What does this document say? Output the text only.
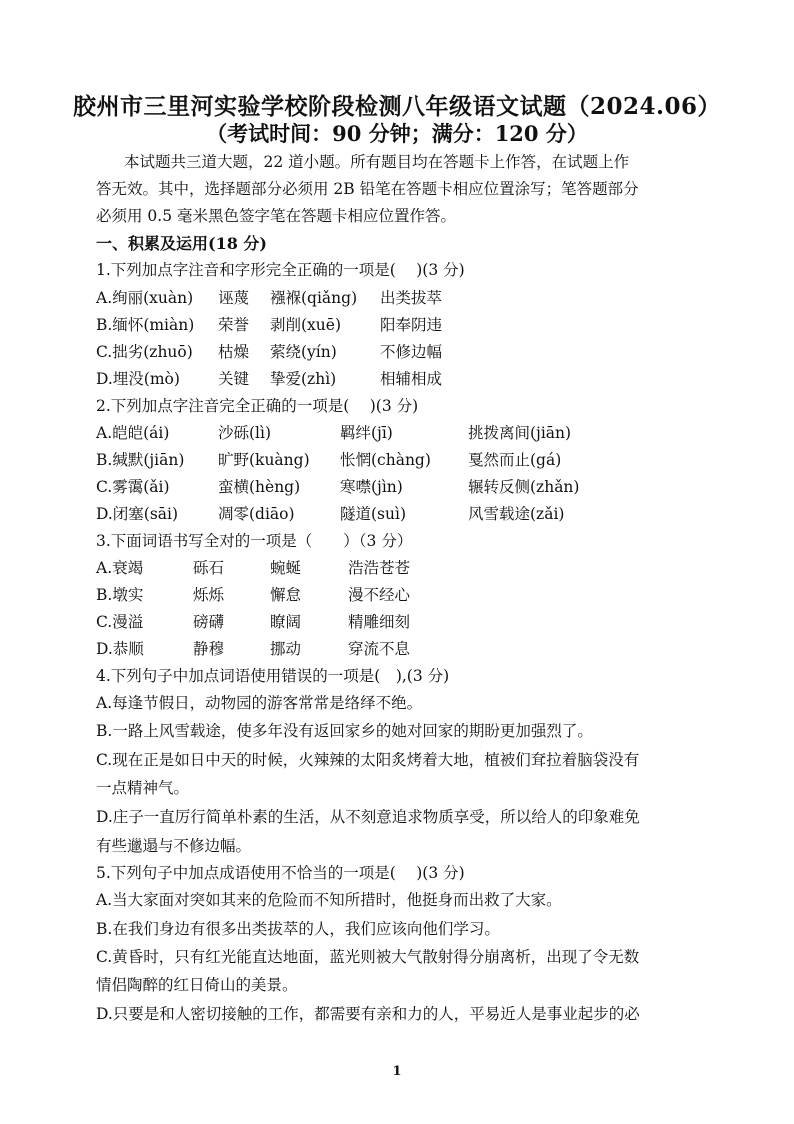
胶州市三里河实验学校阶段检测八年级语文试题（2024.06）
（考试时间：90 分钟；满分：120 分）
本试题共三道大题，22 道小题。所有题目均在答题卡上作答，在试题上作
答无效。其中，选择题部分必须用 2B 铅笔在答题卡相应位置涂写；笔答题部分
必须用 0.5 毫米黑色签字笔在答题卡相应位置作答。
一、积累及运用(18 分)
1.下列加点字注音和字形完全正确的一项是(　 )(3 分)
A.绚丽(xuàn) 诬蔑 襁褓(qiǎng) 出类拔萃
B.缅怀(miàn) 荣誉 剥削(xuē)	阳奉阴违
C.拙劣(zhuō) 枯燥 萦绕(yín)	不修边幅
D.埋没(mò) 关键 挚爱(zhì)	相辅相成
2.下列加点字注音完全正确的一项是(　 )(3 分)
A.皑皑(ái)	沙砾(lì)	羁绊(jī)	挑拨离间(jiān)
B.缄默(jiān) 旷野(kuàng) 怅惘(chàng) 戛然而止(gá)
C.雾霭(ǎi)	蛮横(hèng)	寒噤(jìn)	辗转反侧(zhǎn)
D.闭塞(sāi)	凋零(diāo)	隧道(suì)	风雪载途(zǎi)
3.下面词语书写全对的一项是（　　）（3 分）
A.衰竭	砾石	蜿蜒	浩浩苍苍
B.墩实	烁烁	懈怠	漫不经心
C.漫溢	磅礴	瞭阔	精雕细刻
D.恭顺	静穆	挪动	穿流不息
4.下列句子中加点词语使用错误的一项是(　),(3 分)
A.每逢节假日，动物园的游客常常是络绎不绝。
B.一路上风雪载途，使多年没有返回家乡的她对回家的期盼更加强烈了。
C.现在正是如日中天的时候，火辣辣的太阳炙烤着大地，植被们耷拉着脑袋没有
一点精神气。
D.庄子一直厉行简单朴素的生活，从不刻意追求物质享受，所以给人的印象难免
有些邋遢与不修边幅。
5.下列句子中加点成语使用不恰当的一项是(　 )(3 分)
A.当大家面对突如其来的危险而不知所措时，他挺身而出救了大家。
B.在我们身边有很多出类拔萃的人，我们应该向他们学习。
C.黄昏时，只有红光能直达地面，蓝光则被大气散射得分崩离析，出现了令无数
情侣陶醉的红日倚山的美景。
D.只要是和人密切接触的工作，都需要有亲和力的人，平易近人是事业起步的必
1
